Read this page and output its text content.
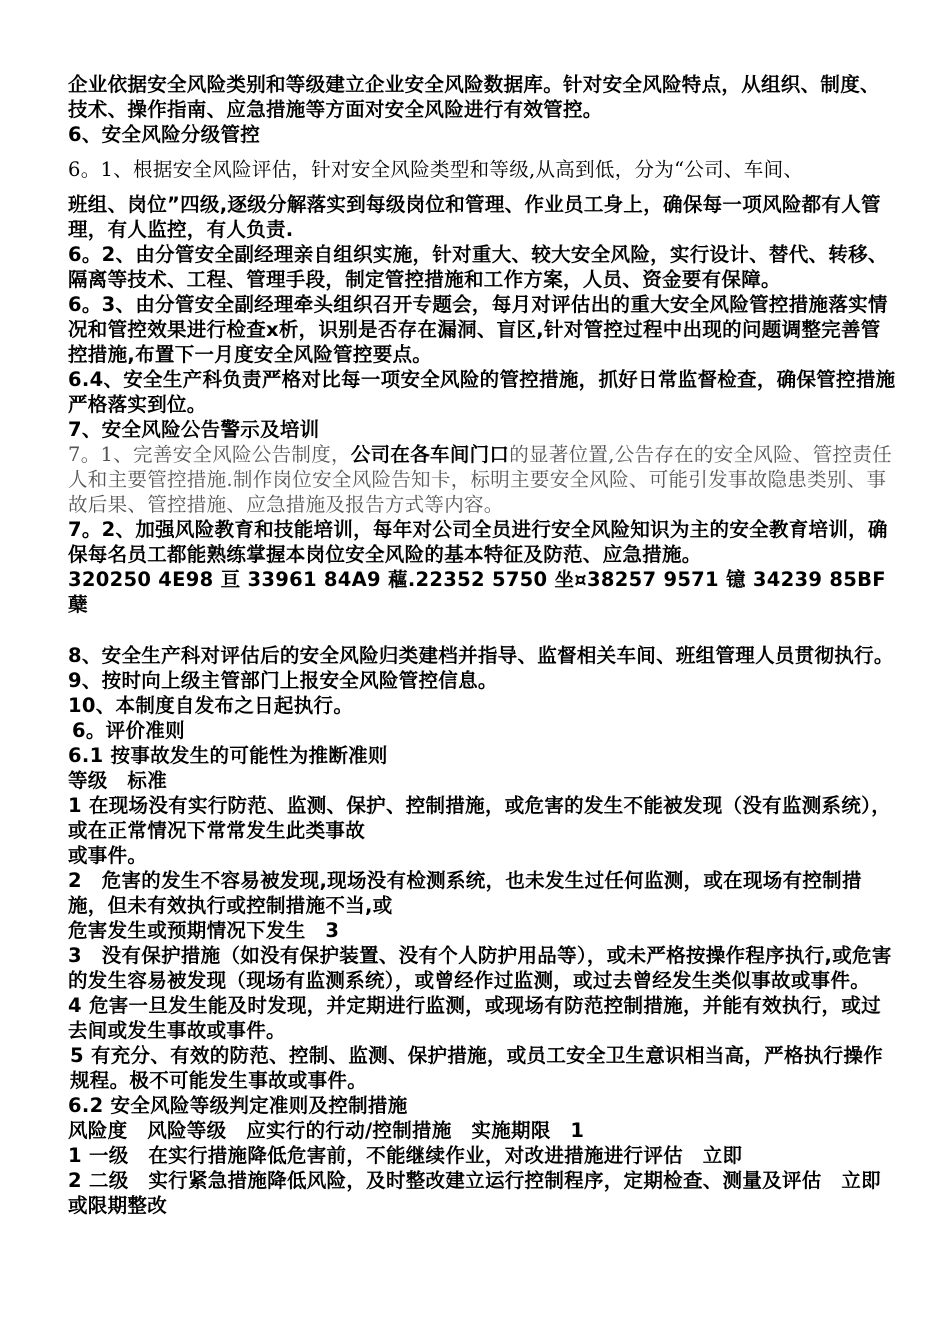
企业依据安全风险类别和等级建立企业安全风险数据库。针对安全风险特点，从组织、制度、技术、操作指南、应急措施等方面对安全风险进行有效管控。

6、安全风险分级管控

6。1、根据安全风险评估，针对安全风险类型和等级,从高到低，分为“公司、车间、

班组、岗位”四级,逐级分解落实到每级岗位和管理、作业员工身上，确保每一项风险都有人管理，有人监控，有人负责.

6。2、由分管安全副经理亲自组织实施，针对重大、较大安全风险，实行设计、替代、转移、隔离等技术、工程、管理手段，制定管控措施和工作方案，人员、资金要有保障。

6。3、由分管安全副经理牵头组织召开专题会，每月对评估出的重大安全风险管控措施落实情况和管控效果进行检查x析，识别是否存在漏洞、盲区,针对管控过程中出现的问题调整完善管控措施,布置下一月度安全风险管控要点。

6.4、安全生产科负责严格对比每一项安全风险的管控措施，抓好日常监督检查，确保管控措施严格落实到位。

7、安全风险公告警示及培训

7。1、完善安全风险公告制度，公司在各车间门口的显著位置,公告存在的安全风险、管控责任人和主要管控措施.制作岗位安全风险告知卡，标明主要安全风险、可能引发事故隐患类别、事故后果、管控措施、应急措施及报告方式等内容。

7。2、加强风险教育和技能培训，每年对公司全员进行安全风险知识为主的安全教育培训，确保每名员工都能熟练掌握本岗位安全风险的基本特征及防范、应急措施。

320250 4E98 亘 33961 84A9 藲.22352 5750 坐¤38257 9571 镱 34239 85BF 蘖

8、安全生产科对评估后的安全风险归类建档并指导、监督相关车间、班组管理人员贯彻执行。

9、按时向上级主管部门上报安全风险管控信息。

10、本制度自发布之日起执行。

6。评价准则

6.1 按事故发生的可能性为推断准则

等级　标准

1 在现场没有实行防范、监测、保护、控制措施，或危害的发生不能被发现（没有监测系统），或在正常情况下常常发生此类事故

或事件。

2　危害的发生不容易被发现,现场没有检测系统，也未发生过任何监测，或在现场有控制措施，但未有效执行或控制措施不当,或

危害发生或预期情况下发生　3

3　没有保护措施（如没有保护装置、没有个人防护用品等），或未严格按操作程序执行,或危害的发生容易被发现（现场有监测系统），或曾经作过监测，或过去曾经发生类似事故或事件。

4 危害一旦发生能及时发现，并定期进行监测，或现场有防范控制措施，并能有效执行，或过去间或发生事故或事件。

5 有充分、有效的防范、控制、监测、保护措施，或员工安全卫生意识相当高，严格执行操作规程。极不可能发生事故或事件。

6.2 安全风险等级判定准则及控制措施

风险度　风险等级　应实行的行动/控制措施　实施期限　1

1 一级　在实行措施降低危害前，不能继续作业，对改进措施进行评估　立即

2 二级　实行紧急措施降低风险，及时整改建立运行控制程序，定期检查、测量及评估　立即或限期整改
